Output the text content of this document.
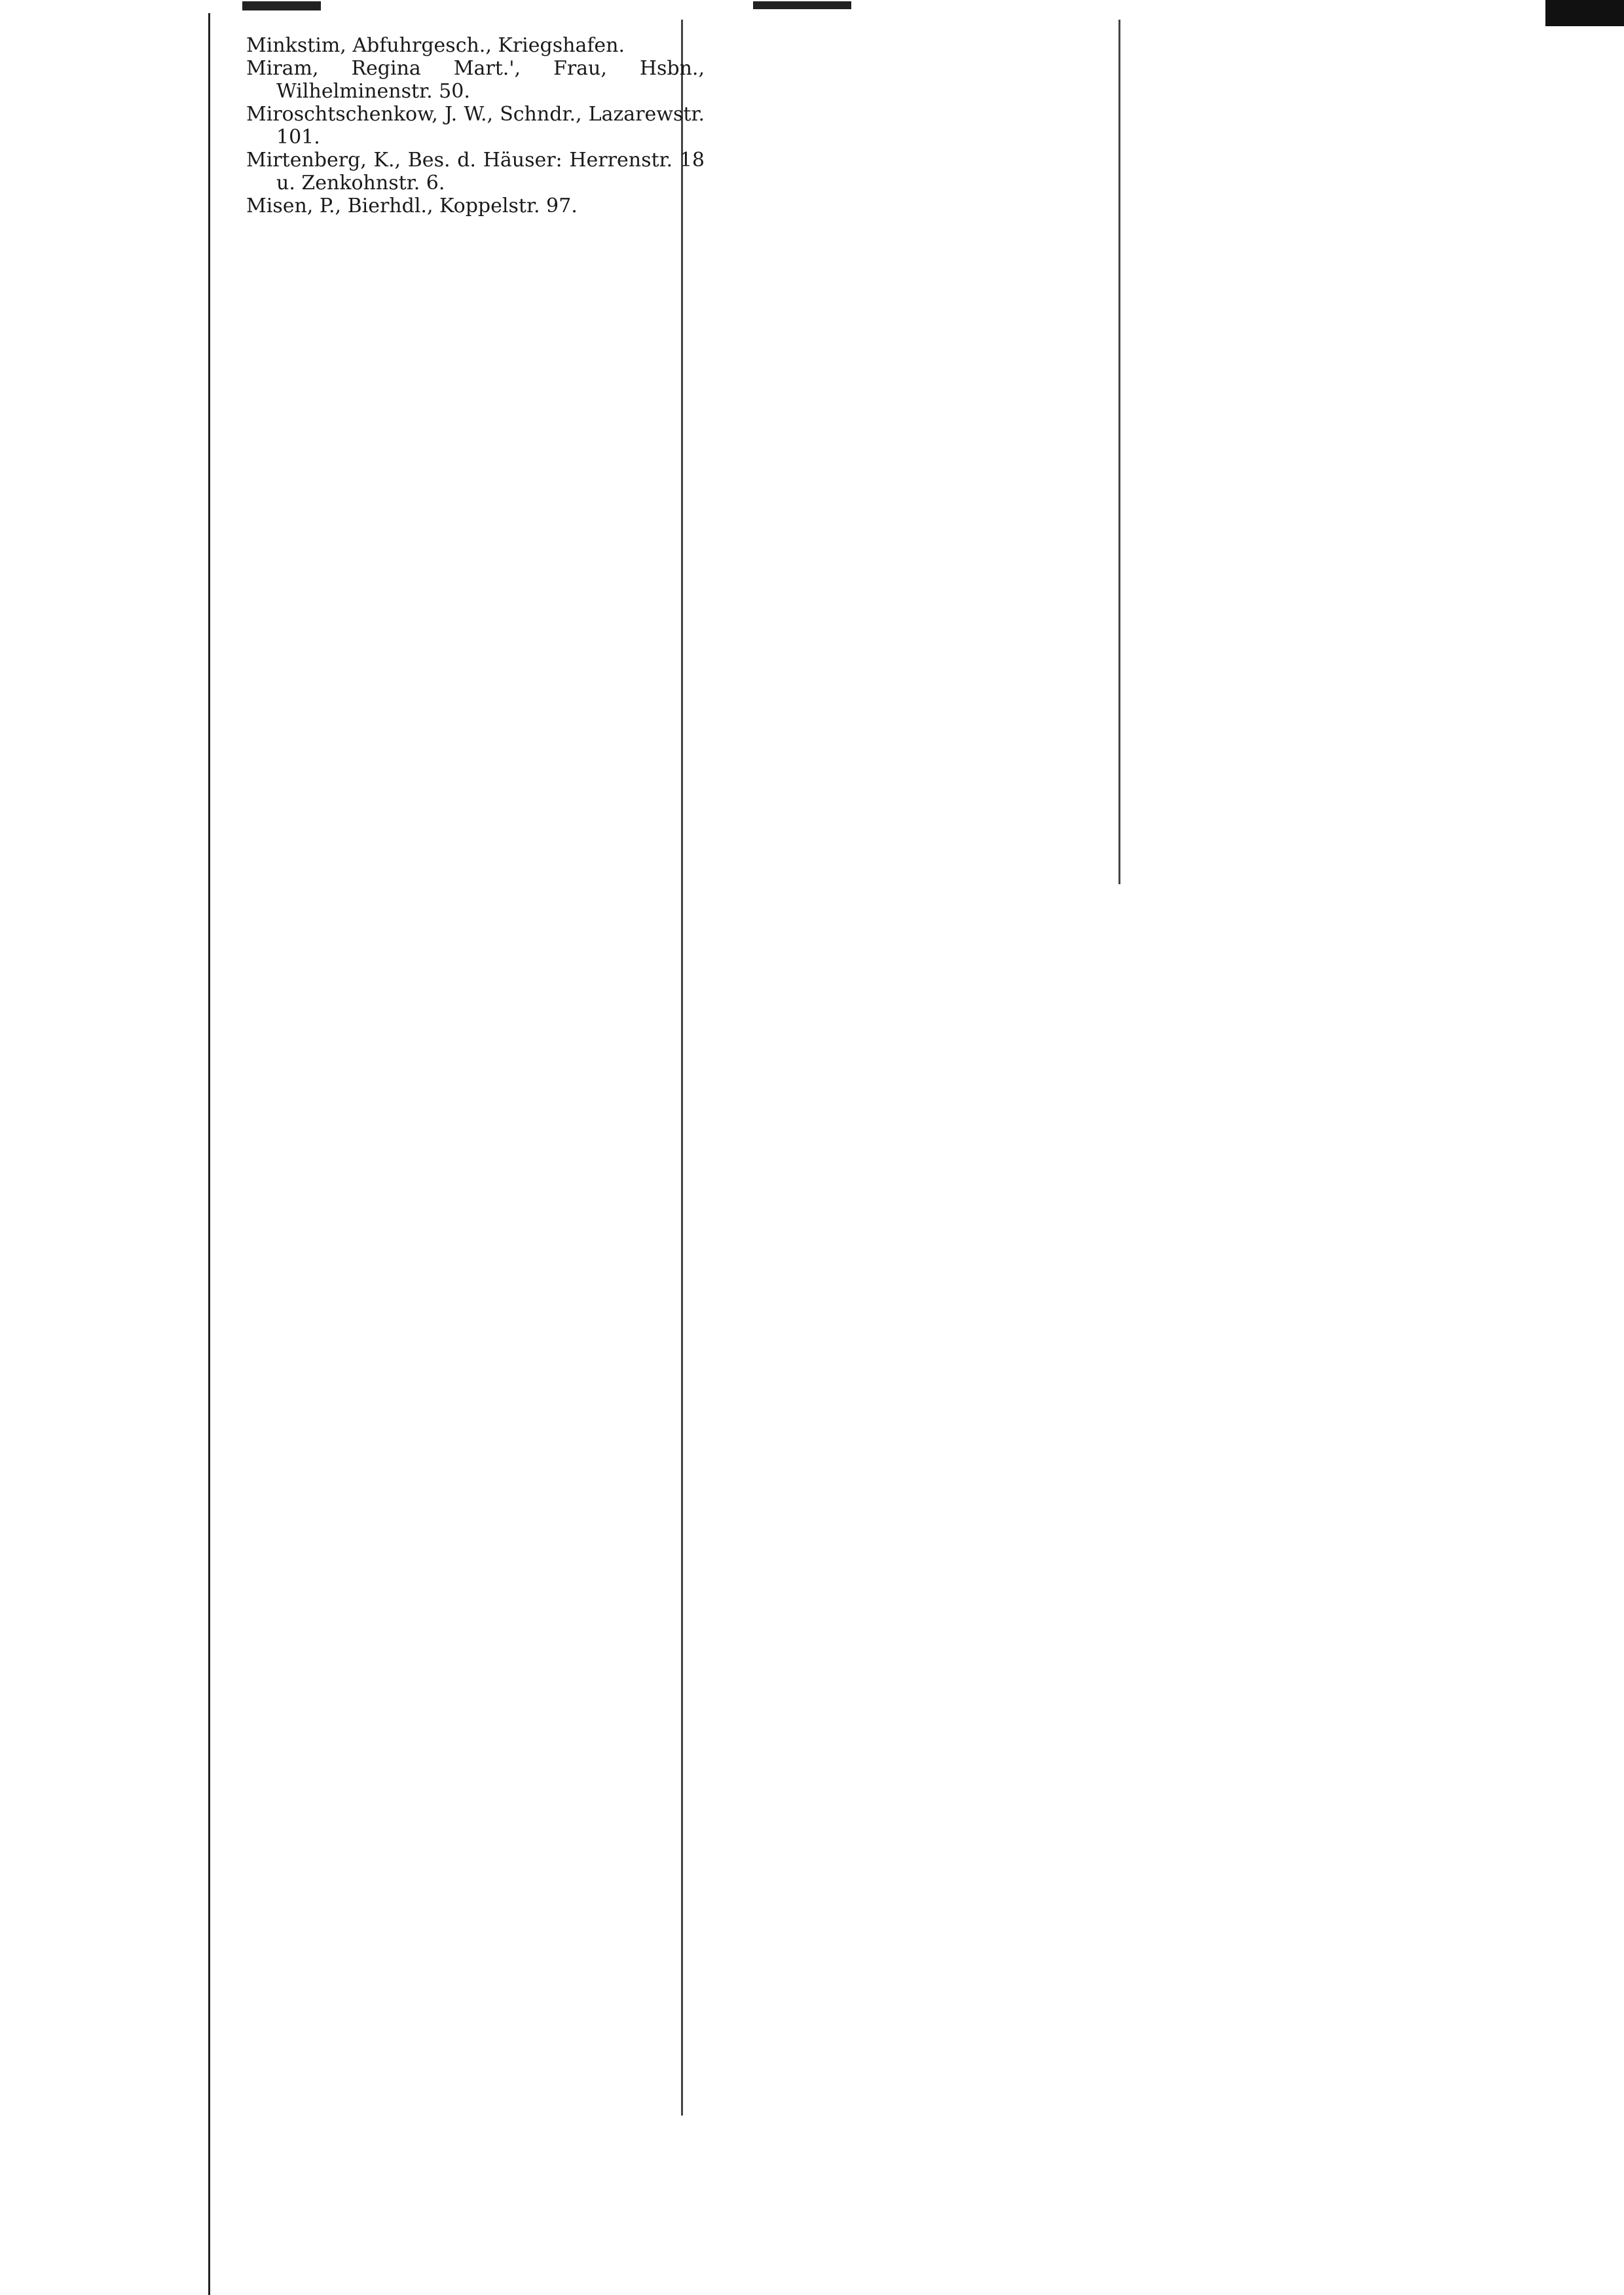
Minkstim, Abfuhrgesch., Kriegshafen.

Miram, Regina Mart.', Frau, Hsbn., Wilhelminenstr. 50.

Miroschtschenkow, J. W., Schndr., Lazarewstr. 101.

Mirtenberg, K., Bes. d. Häuser: Herrenstr. 18 u. Zenkohnstr. 6.

Misen, P., Bierhdl., Koppelstr. 97.
